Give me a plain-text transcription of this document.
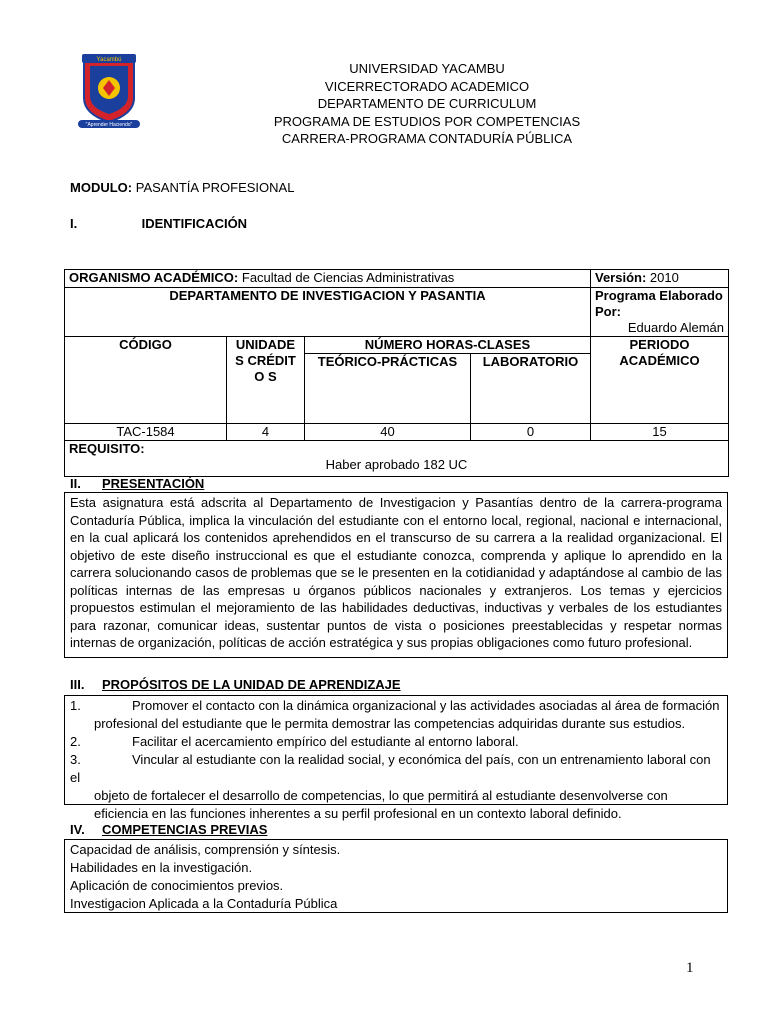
Yacambú
"Aprender Haciendo"
UNIVERSIDAD YACAMBU
VICERRECTORADO ACADEMICO
DEPARTAMENTO DE CURRICULUM
PROGRAMA DE ESTUDIOS POR COMPETENCIAS
CARRERA-PROGRAMA CONTADURÍA PÚBLICA
MODULO: PASANTÍA PROFESIONAL
I.	IDENTIFICACIÓN
ORGANISMO ACADÉMICO: Facultad de Ciencias Administrativas				Versión: 2010
DEPARTAMENTO DE INVESTIGACION Y PASANTIA				Programa Elaborado Por:
Eduardo Alemán

CÓDIGO	UNIDADE S CRÉDITO S	NÚMERO HORAS-CLASES		PERIODO ACADÉMICO
		TEÓRICO-PRÁCTICAS	LABORATORIO	
TAC-1584	4	40	0	15

REQUISITO:
Haber aprobado 182 UC				
II. PRESENTACIÓN
Esta asignatura está adscrita al Departamento de Investigacion y Pasantías dentro de la carrera-programa Contaduría Pública, implica la vinculación del estudiante con el entorno local, regional, nacional e internacional, en la cual aplicará los contenidos aprehendidos en el transcurso de su carrera a la realidad organizacional. El objetivo de este diseño instruccional es que el estudiante conozca, comprenda y aplique lo aprendido en la carrera solucionando casos de problemas que se le presenten en la cotidianidad y adaptándose al cambio de las políticas internas de las empresas u órganos públicos nacionales y extranjeros. Los temas y ejercicios propuestos estimulan el mejoramiento de las habilidades deductivas, inductivas y verbales de los estudiantes para razonar, comunicar ideas, sustentar puntos de vista o posiciones preestablecidas y respetar normas internas de organización, políticas de acción estratégica y sus propias obligaciones como futuro profesional.
III. PROPÓSITOS DE LA UNIDAD DE APRENDIZAJE
1.	Promover el contacto con la dinámica organizacional y las actividades asociadas al área de formación
profesional del estudiante que le permita demostrar las competencias adquiridas durante sus estudios.
2.	Facilitar el acercamiento empírico del estudiante al entorno laboral.
3.	Vincular al estudiante con la realidad social, y económica del país, con un entrenamiento laboral con el
objeto de fortalecer el desarrollo de competencias, lo que permitirá al estudiante desenvolverse con eficiencia en las funciones inherentes a su perfil profesional en un contexto laboral definido.
IV. COMPETENCIAS PREVIAS
Capacidad de análisis, comprensión y síntesis.
Habilidades en la investigación.
Aplicación de conocimientos previos.
Investigacion Aplicada a la Contaduría Pública
1
